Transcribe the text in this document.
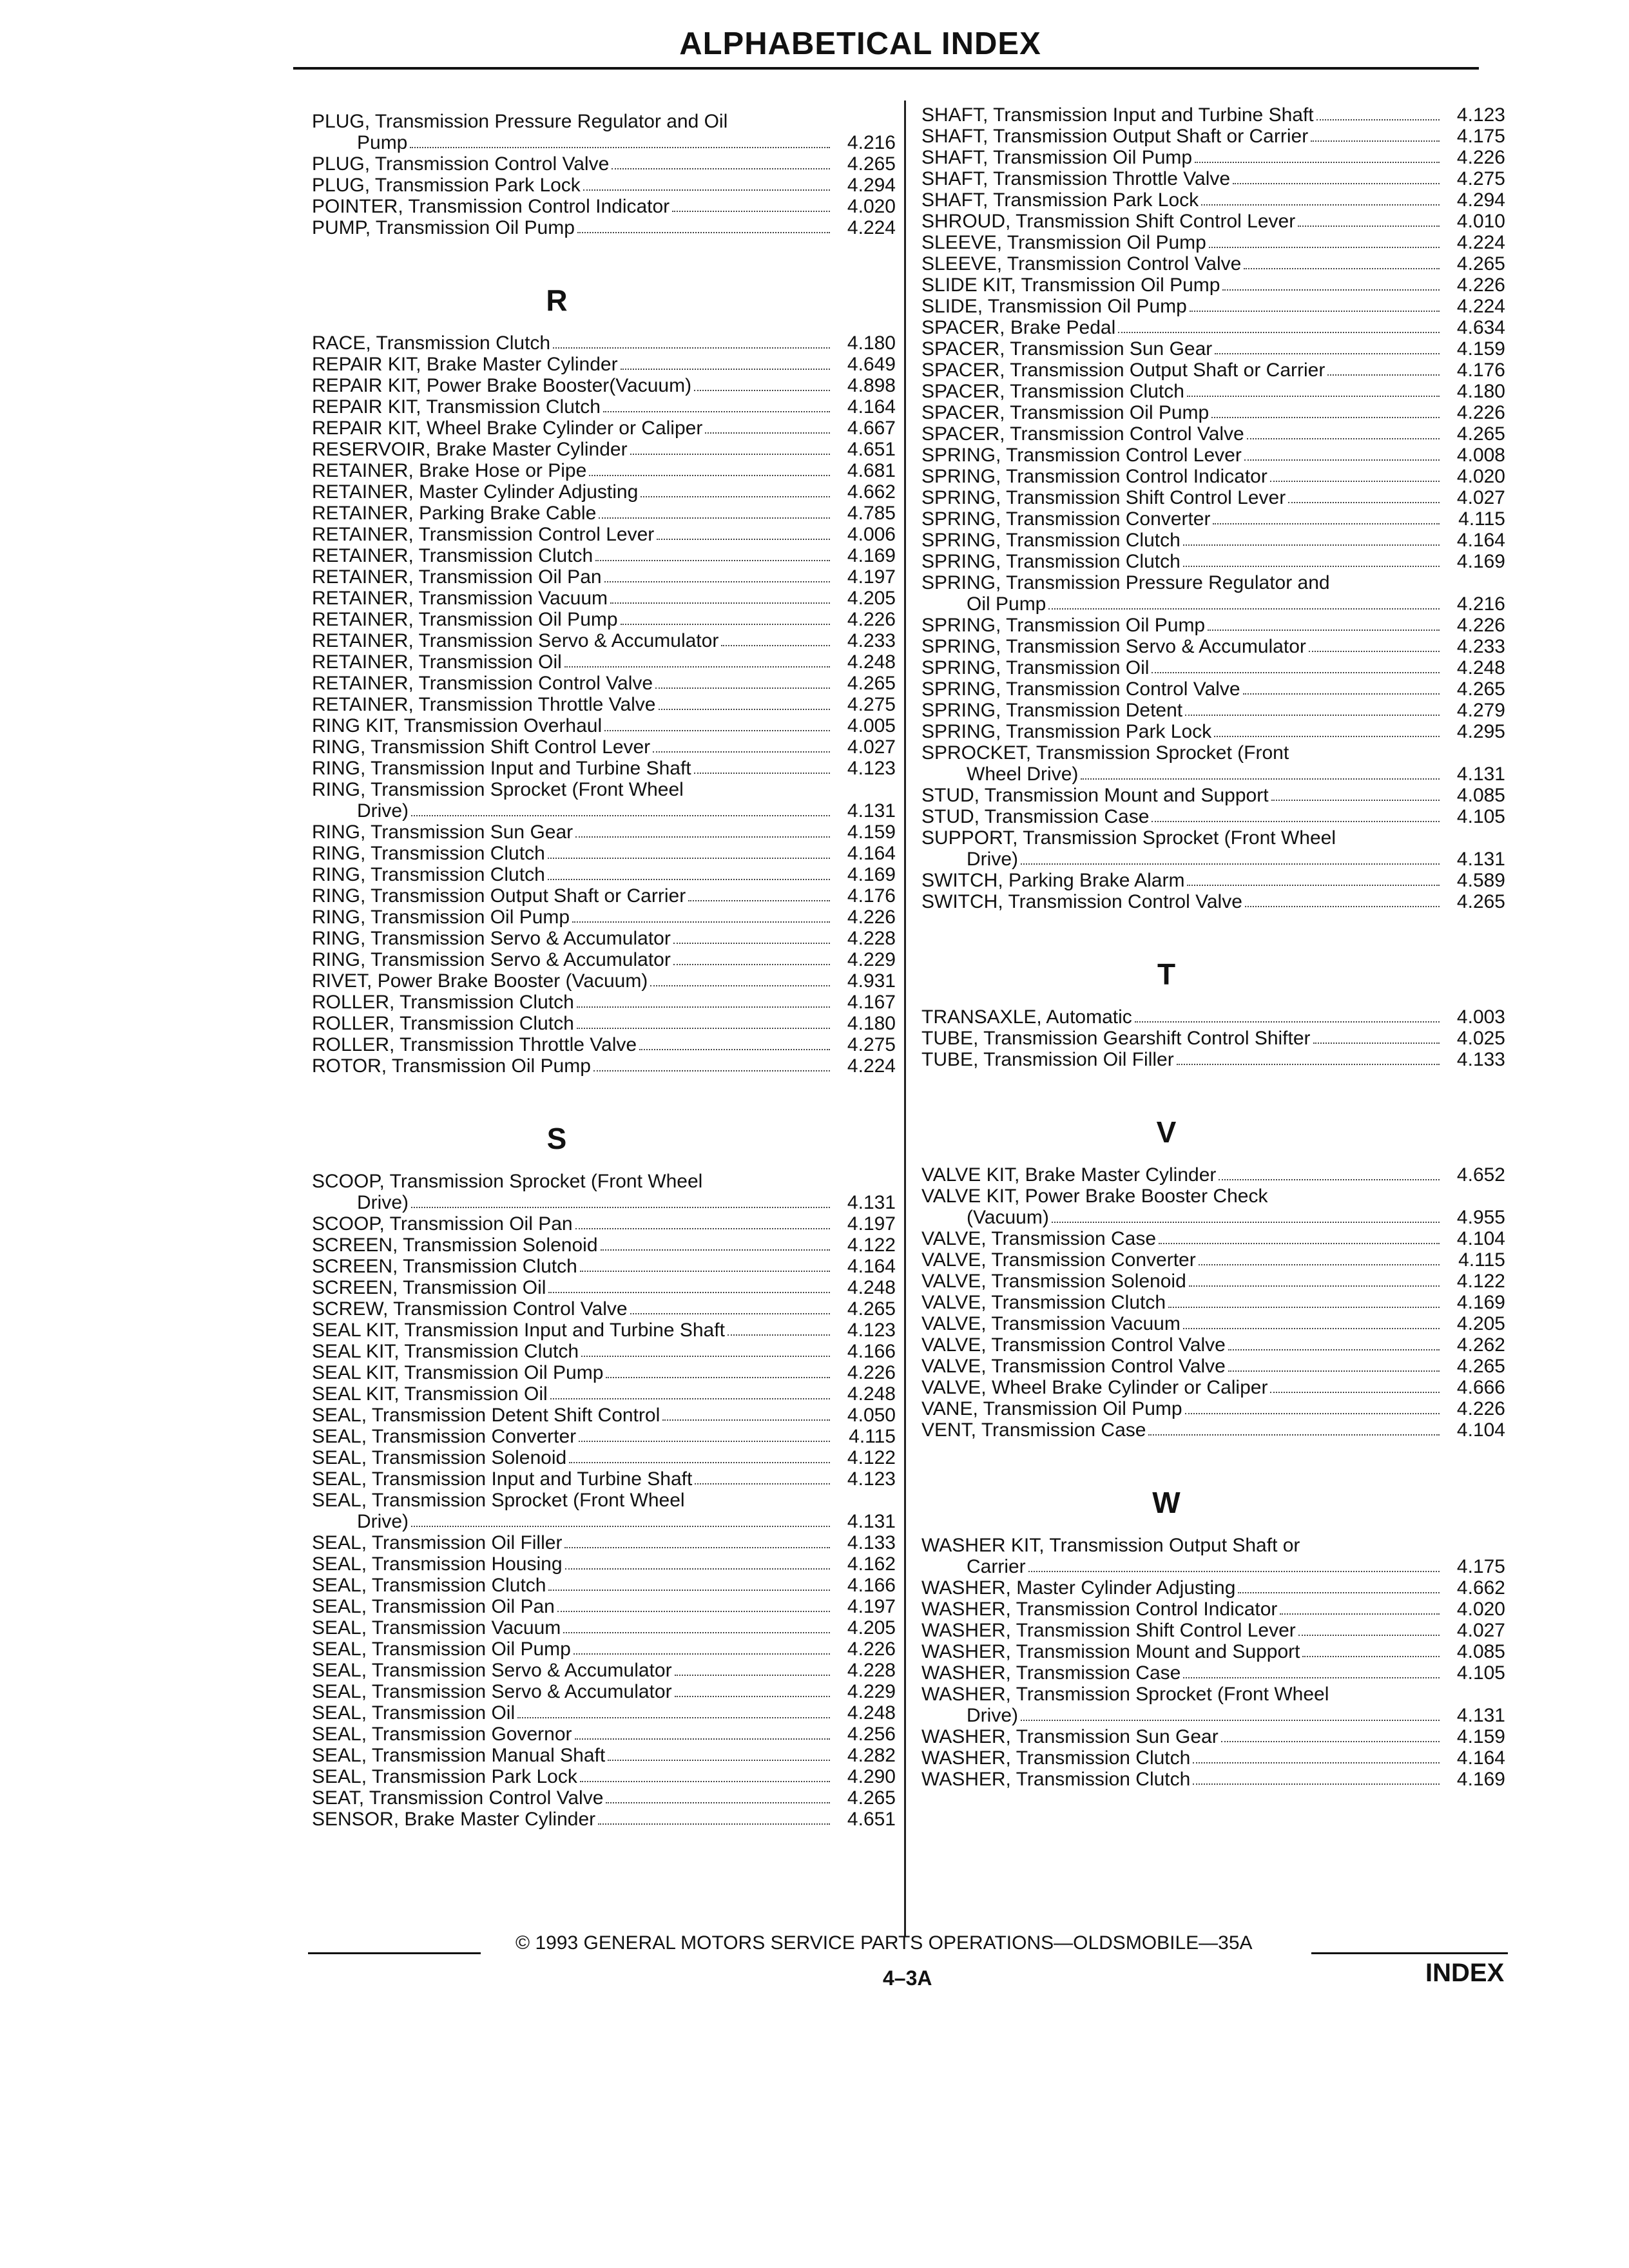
ALPHABETICAL INDEX
PLUG, Transmission Pressure Regulator and Oil
Pump	4.216
PLUG, Transmission Control Valve	4.265
PLUG, Transmission Park Lock	4.294
POINTER, Transmission Control Indicator	4.020
PUMP, Transmission Oil Pump	4.224
R
RACE, Transmission Clutch	4.180
REPAIR KIT, Brake Master Cylinder	4.649
REPAIR KIT, Power Brake Booster(Vacuum)	4.898
REPAIR KIT, Transmission Clutch	4.164
REPAIR KIT, Wheel Brake Cylinder or Caliper	4.667
RESERVOIR, Brake Master Cylinder	4.651
RETAINER, Brake Hose or Pipe	4.681
RETAINER, Master Cylinder Adjusting	4.662
RETAINER, Parking Brake Cable	4.785
RETAINER, Transmission Control Lever	4.006
RETAINER, Transmission Clutch	4.169
RETAINER, Transmission Oil Pan	4.197
RETAINER, Transmission Vacuum	4.205
RETAINER, Transmission Oil Pump	4.226
RETAINER, Transmission Servo & Accumulator	4.233
RETAINER, Transmission Oil	4.248
RETAINER, Transmission Control Valve	4.265
RETAINER, Transmission Throttle Valve	4.275
RING KIT, Transmission Overhaul	4.005
RING, Transmission Shift Control Lever	4.027
RING, Transmission Input and Turbine Shaft	4.123
RING, Transmission Sprocket (Front Wheel
Drive)	4.131
RING, Transmission Sun Gear	4.159
RING, Transmission Clutch	4.164
RING, Transmission Clutch	4.169
RING, Transmission Output Shaft or Carrier	4.176
RING, Transmission Oil Pump	4.226
RING, Transmission Servo & Accumulator	4.228
RING, Transmission Servo & Accumulator	4.229
RIVET, Power Brake Booster (Vacuum)	4.931
ROLLER, Transmission Clutch	4.167
ROLLER, Transmission Clutch	4.180
ROLLER, Transmission Throttle Valve	4.275
ROTOR, Transmission Oil Pump	4.224
S
SCOOP, Transmission Sprocket (Front Wheel
Drive)	4.131
SCOOP, Transmission Oil Pan	4.197
SCREEN, Transmission Solenoid	4.122
SCREEN, Transmission Clutch	4.164
SCREEN, Transmission Oil	4.248
SCREW, Transmission Control Valve	4.265
SEAL KIT, Transmission Input and Turbine Shaft	4.123
SEAL KIT, Transmission Clutch	4.166
SEAL KIT, Transmission Oil Pump	4.226
SEAL KIT, Transmission Oil	4.248
SEAL, Transmission Detent Shift Control	4.050
SEAL, Transmission Converter	4.115
SEAL, Transmission Solenoid	4.122
SEAL, Transmission Input and Turbine Shaft	4.123
SEAL, Transmission Sprocket (Front Wheel
Drive)	4.131
SEAL, Transmission Oil Filler	4.133
SEAL, Transmission Housing	4.162
SEAL, Transmission Clutch	4.166
SEAL, Transmission Oil Pan	4.197
SEAL, Transmission Vacuum	4.205
SEAL, Transmission Oil Pump	4.226
SEAL, Transmission Servo & Accumulator	4.228
SEAL, Transmission Servo & Accumulator	4.229
SEAL, Transmission Oil	4.248
SEAL, Transmission Governor	4.256
SEAL, Transmission Manual Shaft	4.282
SEAL, Transmission Park Lock	4.290
SEAT, Transmission Control Valve	4.265
SENSOR, Brake Master Cylinder	4.651
SHAFT, Transmission Input and Turbine Shaft	4.123
SHAFT, Transmission Output Shaft or Carrier	4.175
SHAFT, Transmission Oil Pump	4.226
SHAFT, Transmission Throttle Valve	4.275
SHAFT, Transmission Park Lock	4.294
SHROUD, Transmission Shift Control Lever	4.010
SLEEVE, Transmission Oil Pump	4.224
SLEEVE, Transmission Control Valve	4.265
SLIDE KIT, Transmission Oil Pump	4.226
SLIDE, Transmission Oil Pump	4.224
SPACER, Brake Pedal	4.634
SPACER, Transmission Sun Gear	4.159
SPACER, Transmission Output Shaft or Carrier	4.176
SPACER, Transmission Clutch	4.180
SPACER, Transmission Oil Pump	4.226
SPACER, Transmission Control Valve	4.265
SPRING, Transmission Control Lever	4.008
SPRING, Transmission Control Indicator	4.020
SPRING, Transmission Shift Control Lever	4.027
SPRING, Transmission Converter	4.115
SPRING, Transmission Clutch	4.164
SPRING, Transmission Clutch	4.169
SPRING, Transmission Pressure Regulator and
Oil Pump	4.216
SPRING, Transmission Oil Pump	4.226
SPRING, Transmission Servo & Accumulator	4.233
SPRING, Transmission Oil	4.248
SPRING, Transmission Control Valve	4.265
SPRING, Transmission Detent	4.279
SPRING, Transmission Park Lock	4.295
SPROCKET, Transmission Sprocket (Front
Wheel Drive)	4.131
STUD, Transmission Mount and Support	4.085
STUD, Transmission Case	4.105
SUPPORT, Transmission Sprocket (Front Wheel
Drive)	4.131
SWITCH, Parking Brake Alarm	4.589
SWITCH, Transmission Control Valve	4.265
T
TRANSAXLE, Automatic	4.003
TUBE, Transmission Gearshift Control Shifter	4.025
TUBE, Transmission Oil Filler	4.133
V
VALVE KIT, Brake Master Cylinder	4.652
VALVE KIT, Power Brake Booster Check
(Vacuum)	4.955
VALVE, Transmission Case	4.104
VALVE, Transmission Converter	4.115
VALVE, Transmission Solenoid	4.122
VALVE, Transmission Clutch	4.169
VALVE, Transmission Vacuum	4.205
VALVE, Transmission Control Valve	4.262
VALVE, Transmission Control Valve	4.265
VALVE, Wheel Brake Cylinder or Caliper	4.666
VANE, Transmission Oil Pump	4.226
VENT, Transmission Case	4.104
W
WASHER KIT, Transmission Output Shaft or
Carrier	4.175
WASHER, Master Cylinder Adjusting	4.662
WASHER, Transmission Control Indicator	4.020
WASHER, Transmission Shift Control Lever	4.027
WASHER, Transmission Mount and Support	4.085
WASHER, Transmission Case	4.105
WASHER, Transmission Sprocket (Front Wheel
Drive)	4.131
WASHER, Transmission Sun Gear	4.159
WASHER, Transmission Clutch	4.164
WASHER, Transmission Clutch	4.169
© 1993 GENERAL MOTORS SERVICE PARTS OPERATIONS—OLDSMOBILE—35A
4–3A	INDEX
